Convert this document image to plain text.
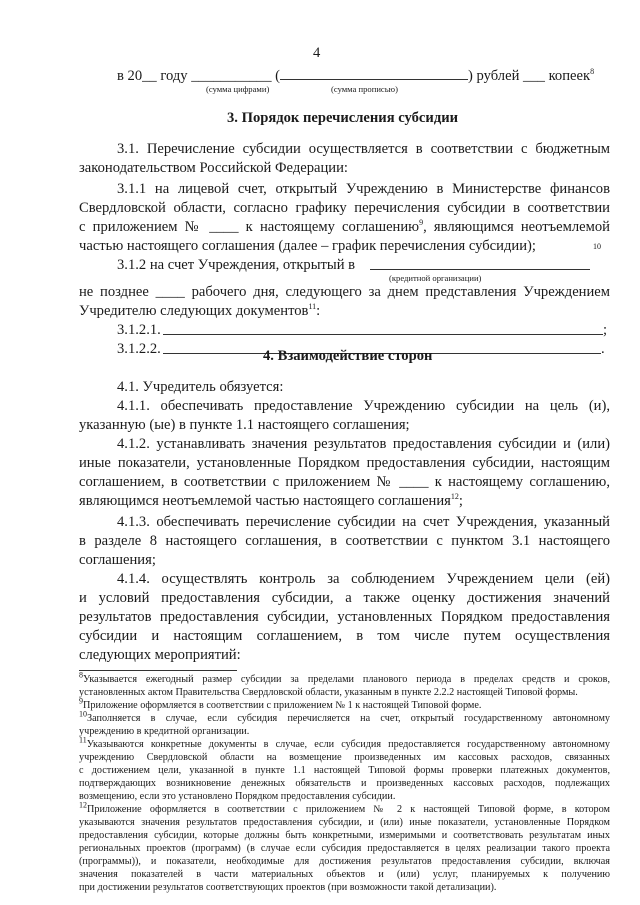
4
в 20__ году ___________ (	) рублей ___ копеек$^8$
(сумма цифрами)	(сумма прописью)
3. Порядок перечисления субсидии
3.1. Перечисление субсидии осуществляется в соответствии с бюджетным
законодательством Российской Федерации:
3.1.1 на лицевой счет, открытый Учреждению в Министерстве финансов
Свердловской области, согласно графику перечисления субсидии в соответствии
с приложением № ____ к настоящему соглашению$^9$, являющимся неотъемлемой
частью настоящего соглашения (далее – график перечисления субсидии);
3.1.2 на счет Учреждения, открытый в
10
(кредитной организации)
не позднее ____ рабочего дня, следующего за днем представления Учреждением
Учредителю следующих документов$^{11}$:
3.1.2.1.	;
3.1.2.2.	.
4. Взаимодействие сторон
4.1. Учредитель обязуется:
4.1.1. обеспечивать предоставление Учреждению субсидии на цель (и),
указанную (ые) в пункте 1.1 настоящего соглашения;
4.1.2. устанавливать значения результатов предоставления субсидии и (или)
иные показатели, установленные Порядком предоставления субсидии, настоящим
соглашением, в соответствии с приложением № ____ к настоящему соглашению,
являющимся неотъемлемой частью настоящего соглашения$^{12}$;
4.1.3. обеспечивать перечисление субсидии на счет Учреждения, указанный
в разделе 8 настоящего соглашения, в соответствии с пунктом 3.1 настоящего
соглашения;
4.1.4. осуществлять контроль за соблюдением Учреждением цели (ей)
и условий предоставления субсидии, а также оценку достижения значений
результатов предоставления субсидии, установленных Порядком предоставления
субсидии и настоящим соглашением, в том числе путем осуществления
следующих мероприятий:
$^8$Указывается ежегодный размер субсидии за пределами планового периода в пределах средств и сроков,
установленных актом Правительства Свердловской области, указанным в пункте 2.2.2 настоящей Типовой формы.
$^9$Приложение оформляется в соответствии с приложением № 1 к настоящей Типовой форме.
$^{10}$Заполняется в случае, если субсидия перечисляется на счет, открытый государственному автономному
учреждению в кредитной организации.
$^{11}$Указываются конкретные документы в случае, если субсидия предоставляется государственному автономному
учреждению Свердловской области на возмещение произведенных им кассовых расходов, связанных
с достижением цели, указанной в пункте 1.1 настоящей Типовой формы проверки платежных документов,
подтверждающих возникновение денежных обязательств и произведенных кассовых расходов, подлежащих
возмещению, если это установлено Порядком предоставления субсидии.
$^{12}$Приложение оформляется в соответствии с приложением № 2 к настоящей Типовой форме, в котором
указываются значения результатов предоставления субсидии, и (или) иные показатели, установленные Порядком
предоставления субсидии, которые должны быть конкретными, измеримыми и соответствовать результатам иных
региональных проектов (программ) (в случае если субсидия предоставляется в целях реализации такого проекта
(программы)), и показатели, необходимые для достижения результатов предоставления субсидии, включая
значения показателей в части материальных объектов и (или) услуг, планируемых к получению
при достижении результатов соответствующих проектов (при возможности такой детализации).
